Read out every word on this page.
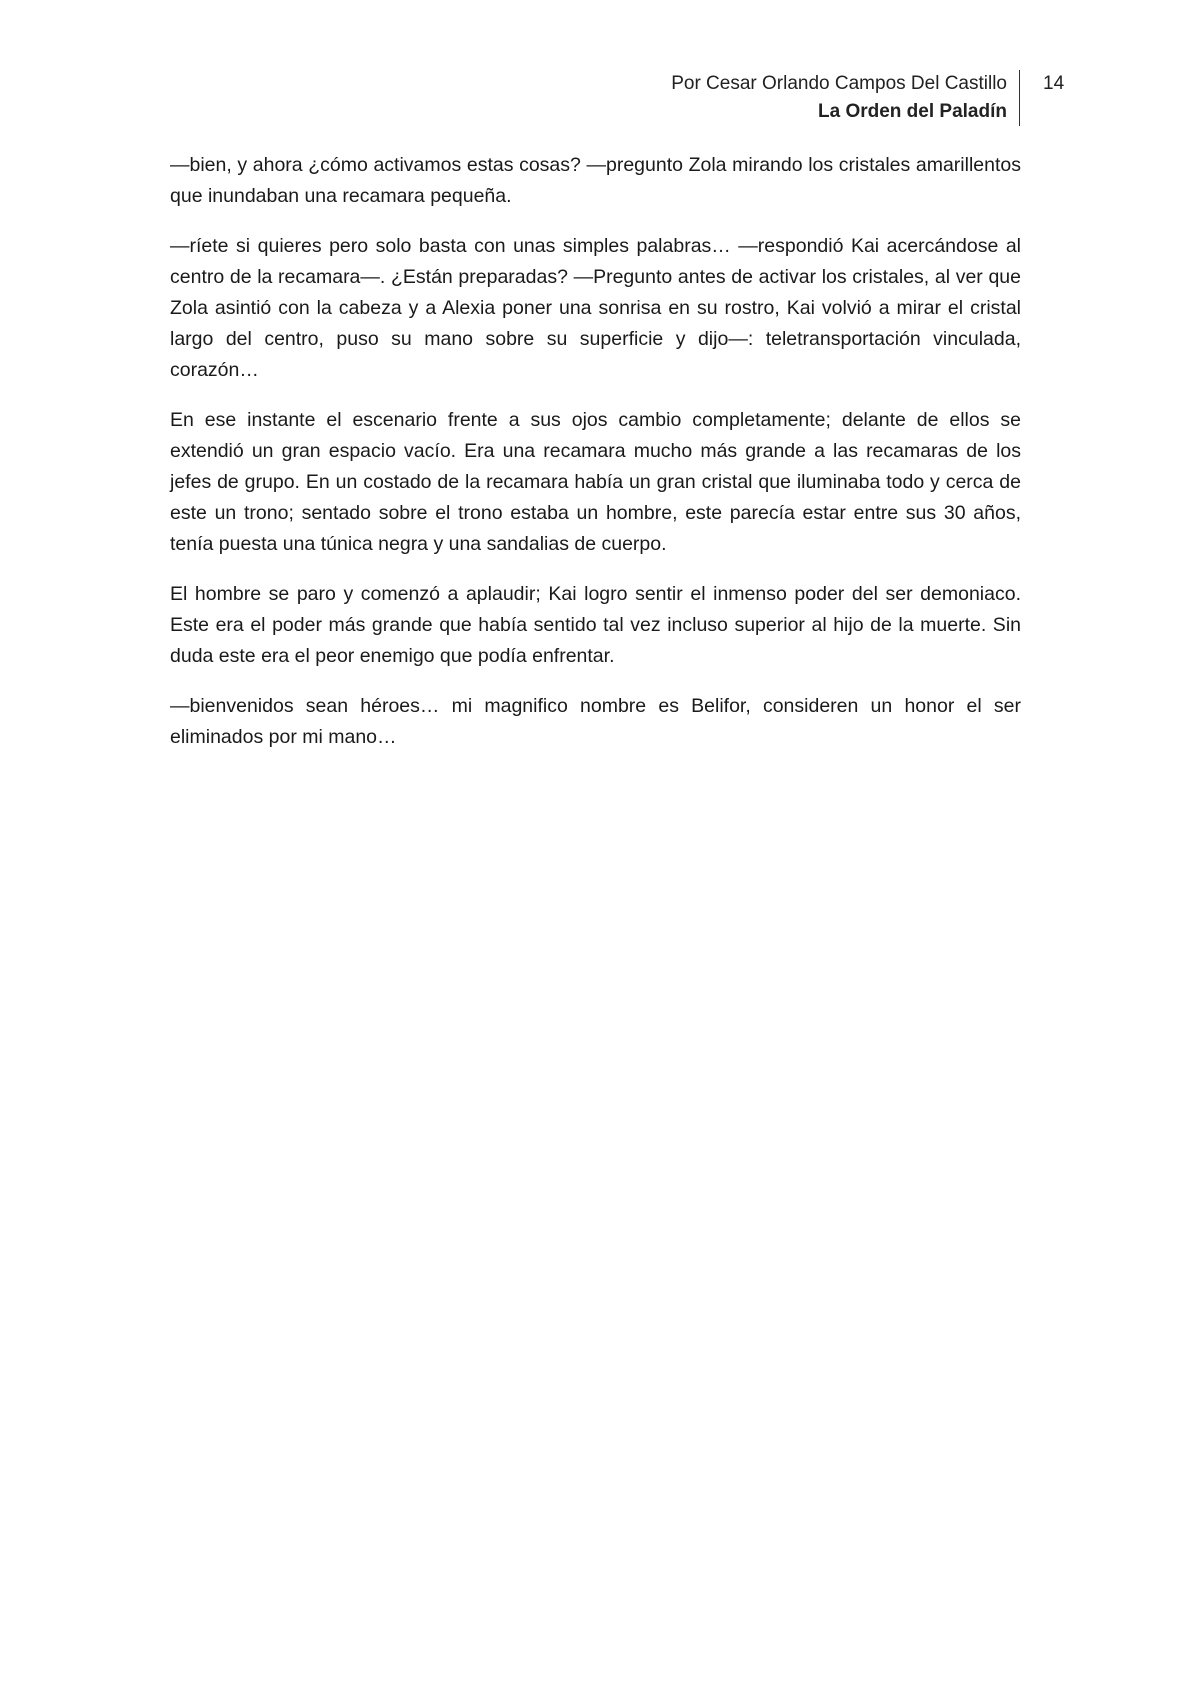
Por Cesar Orlando Campos Del Castillo
La Orden del Paladín
14

—bien, y ahora ¿cómo activamos estas cosas? —pregunto Zola mirando los cristales amarillentos que inundaban una recamara pequeña.

—ríete si quieres pero solo basta con unas simples palabras… —respondió Kai acercándose al centro de la recamara—. ¿Están preparadas? —Pregunto antes de activar los cristales, al ver que Zola asintió con la cabeza y a Alexia poner una sonrisa en su rostro, Kai volvió a mirar el cristal largo del centro, puso su mano sobre su superficie y dijo—: teletransportación vinculada, corazón…

En ese instante el escenario frente a sus ojos cambio completamente; delante de ellos se extendió un gran espacio vacío. Era una recamara mucho más grande a las recamaras de los jefes de grupo. En un costado de la recamara había un gran cristal que iluminaba todo y cerca de este un trono; sentado sobre el trono estaba un hombre, este parecía estar entre sus 30 años, tenía puesta una túnica negra y una sandalias de cuerpo.

El hombre se paro y comenzó a aplaudir; Kai logro sentir el inmenso poder del ser demoniaco. Este era el poder más grande que había sentido tal vez incluso superior al hijo de la muerte. Sin duda este era el peor enemigo que podía enfrentar.

—bienvenidos sean héroes… mi magnifico nombre es Belifor, consideren un honor el ser eliminados por mi mano…
